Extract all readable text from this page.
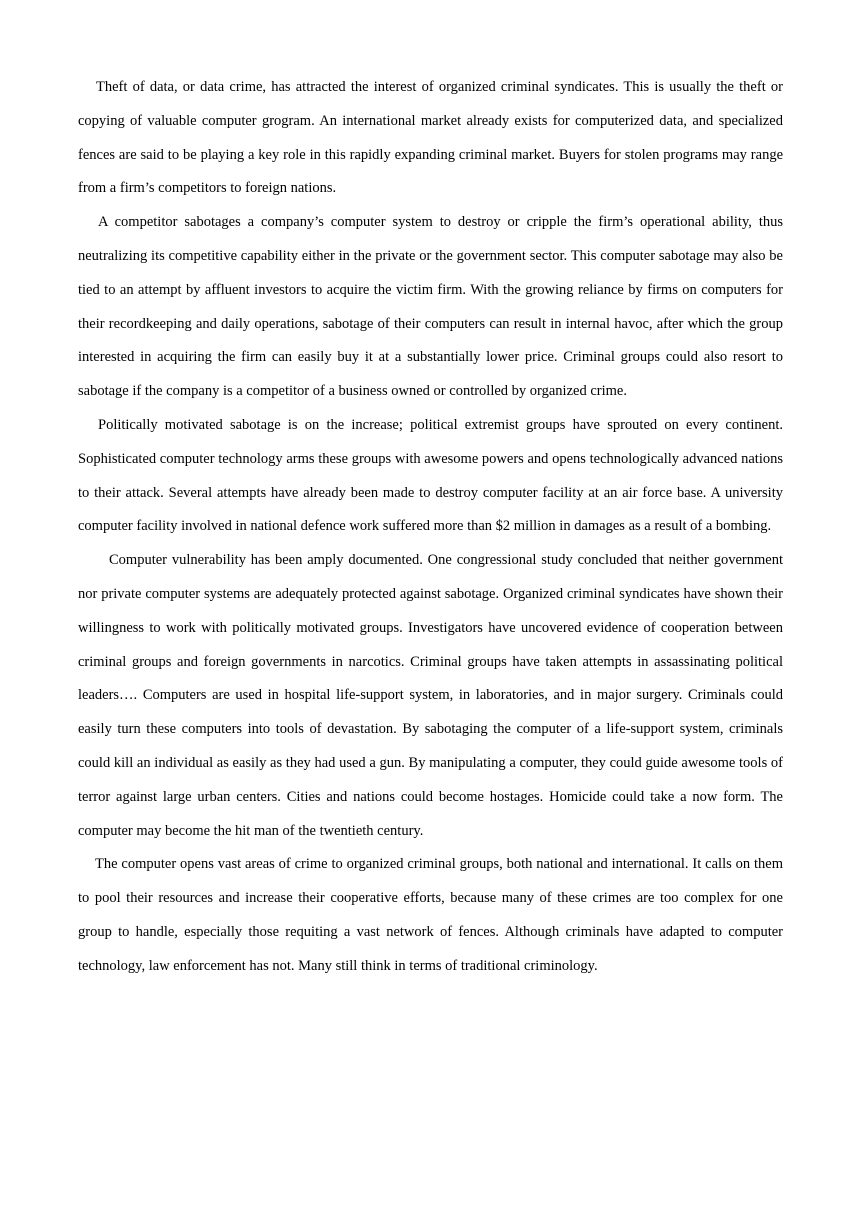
Theft of data, or data crime, has attracted the interest of organized criminal syndicates. This is usually the theft or copying of valuable computer grogram. An international market already exists for computerized data, and specialized fences are said to be playing a key role in this rapidly expanding criminal market. Buyers for stolen programs may range from a firm’s competitors to foreign nations.

A competitor sabotages a company’s computer system to destroy or cripple the firm’s operational ability, thus neutralizing its competitive capability either in the private or the government sector. This computer sabotage may also be tied to an attempt by affluent investors to acquire the victim firm. With the growing reliance by firms on computers for their recordkeeping and daily operations, sabotage of their computers can result in internal havoc, after which the group interested in acquiring the firm can easily buy it at a substantially lower price. Criminal groups could also resort to sabotage if the company is a competitor of a business owned or controlled by organized crime.

Politically motivated sabotage is on the increase; political extremist groups have sprouted on every continent. Sophisticated computer technology arms these groups with awesome powers and opens technologically advanced nations to their attack. Several attempts have already been made to destroy computer facility at an air force base. A university computer facility involved in national defence work suffered more than $2 million in damages as a result of a bombing.

Computer vulnerability has been amply documented. One congressional study concluded that neither government nor private computer systems are adequately protected against sabotage. Organized criminal syndicates have shown their willingness to work with politically motivated groups. Investigators have uncovered evidence of cooperation between criminal groups and foreign governments in narcotics. Criminal groups have taken attempts in assassinating political leaders…. Computers are used in hospital life-support system, in laboratories, and in major surgery. Criminals could easily turn these computers into tools of devastation. By sabotaging the computer of a life-support system, criminals could kill an individual as easily as they had used a gun. By manipulating a computer, they could guide awesome tools of terror against large urban centers. Cities and nations could become hostages. Homicide could take a now form. The computer may become the hit man of the twentieth century.

The computer opens vast areas of crime to organized criminal groups, both national and international. It calls on them to pool their resources and increase their cooperative efforts, because many of these crimes are too complex for one group to handle, especially those requiting a vast network of fences. Although criminals have adapted to computer technology, law enforcement has not. Many still think in terms of traditional criminology.
